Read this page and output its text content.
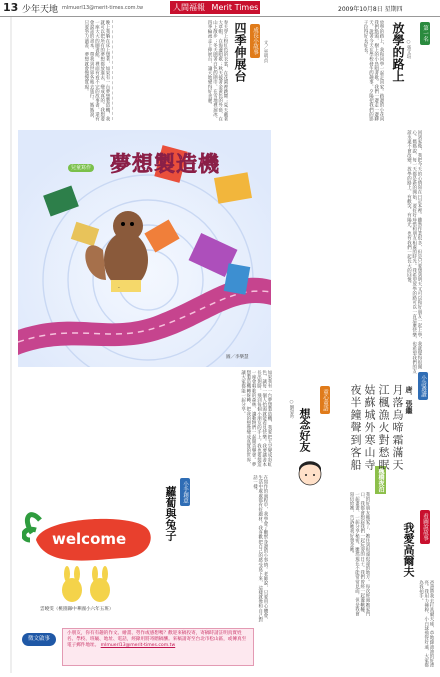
13 少年天地 mlmuerl13@merit-times.com.tw	人間福報 Merit Times	2009年10月8日 星期四
晚上我躺在床上想著，如果有一台夢想製造機，我就可以把所有的夢想都放進去，變成真的。我想要一座大大的圖書館，裡面有看不完的故事書，還有會說話的書本，帶我到世界各地去旅行。媽媽說，只要努力讀書，夢想就會慢慢實現。	春天穿上粉紅色的衣裳，在花園裡跳舞；夏天戴著大草帽，在海邊唱歌；秋天披著金黃色的外套，在山上散步；冬天圍著白色的圍巾，在雪地裡溜冰。四季輪流走上伸展台，讓大地變得好美麗。	四季伸展台 成長小故事	文／巫明貞	放學的路上，我和同學一起走回家。路邊的小花向我們點頭，樹上的小鳥唱著歌。我們一邊走一邊聊天，說著今天在學校發生的趣事，夕陽把我們的影子拉得好長好長。	放學的路上 ○張文瑄
第一名
回到家後，我把今天的心情寫在日記本裡。雖然作業很多，但是只要想到明天又可以和好朋友一起上學，我就覺得很開心。媽媽說，每一天都是新的開始，要好好珍惜和朋友相處的時光。我希望放學的路可以一直這麼快樂，也希望我們的友誼永遠不會改變。放學的路上，有歡笑、有陽光，也有我們一起長大的回憶。
·
兒童寫作 夢想製造機
圖／李樂慧
如果我有一台夢想製造機，我要把天空變成彩虹色，讓每一個人抬頭就能看見快樂。我要讓書本長出翅膀，飛到每個小朋友的手上。我也要製造一座會唱歌的森林，讓動物們一起開音樂會。夢想製造機轉呀轉，把我的想像變成真實的世界，讓大家都能一起分享。	小詩選讀
唐．張繼
楓橋夜泊
月落烏啼霜滿天
江楓漁火對愁眠
姑蘇城外寒山寺
夜半鐘聲到客船
童心童語
想念好友
○劉姿吟
我的好朋友搬家了，她住到很遠很遠的地方。每次經過她家門口，我都會想起我們一起玩耍的日子。我們曾經一起盪鞦韆、一起畫畫、一起分享秘密。雖然現在不能常常見面，但是我會寫信給她，告訴她我好想念她。	看圖說故事
我愛高爾夫
爸爸帶我去打高爾夫球，草地綠油油的好漂亮。我用力揮桿，小白球飛得好遠，大家都為我拍手。
在寫作的過程中，我學會了觀察身邊的小事情。老師說，只要用心體會，生活中處處都有好題材。我喜歡把自己的感受寫下來，這樣就像和自己對話一樣。
小手創意
蘿蔔與兔子
welcome
雲曉雯（桃園縣中華國小六年五班）
徵文啟事
小朋友，你有有趣的作文、繪畫、勞作或感想嗎？歡迎來稿投寄，寄稿時請註明真實姓名、學校、班級、地址、電話，經錄用將寄贈稿酬。來稿請寄至台北市松山區，或傳真至電子郵件地址。 mlmuerl13@merit-times.com.tw
